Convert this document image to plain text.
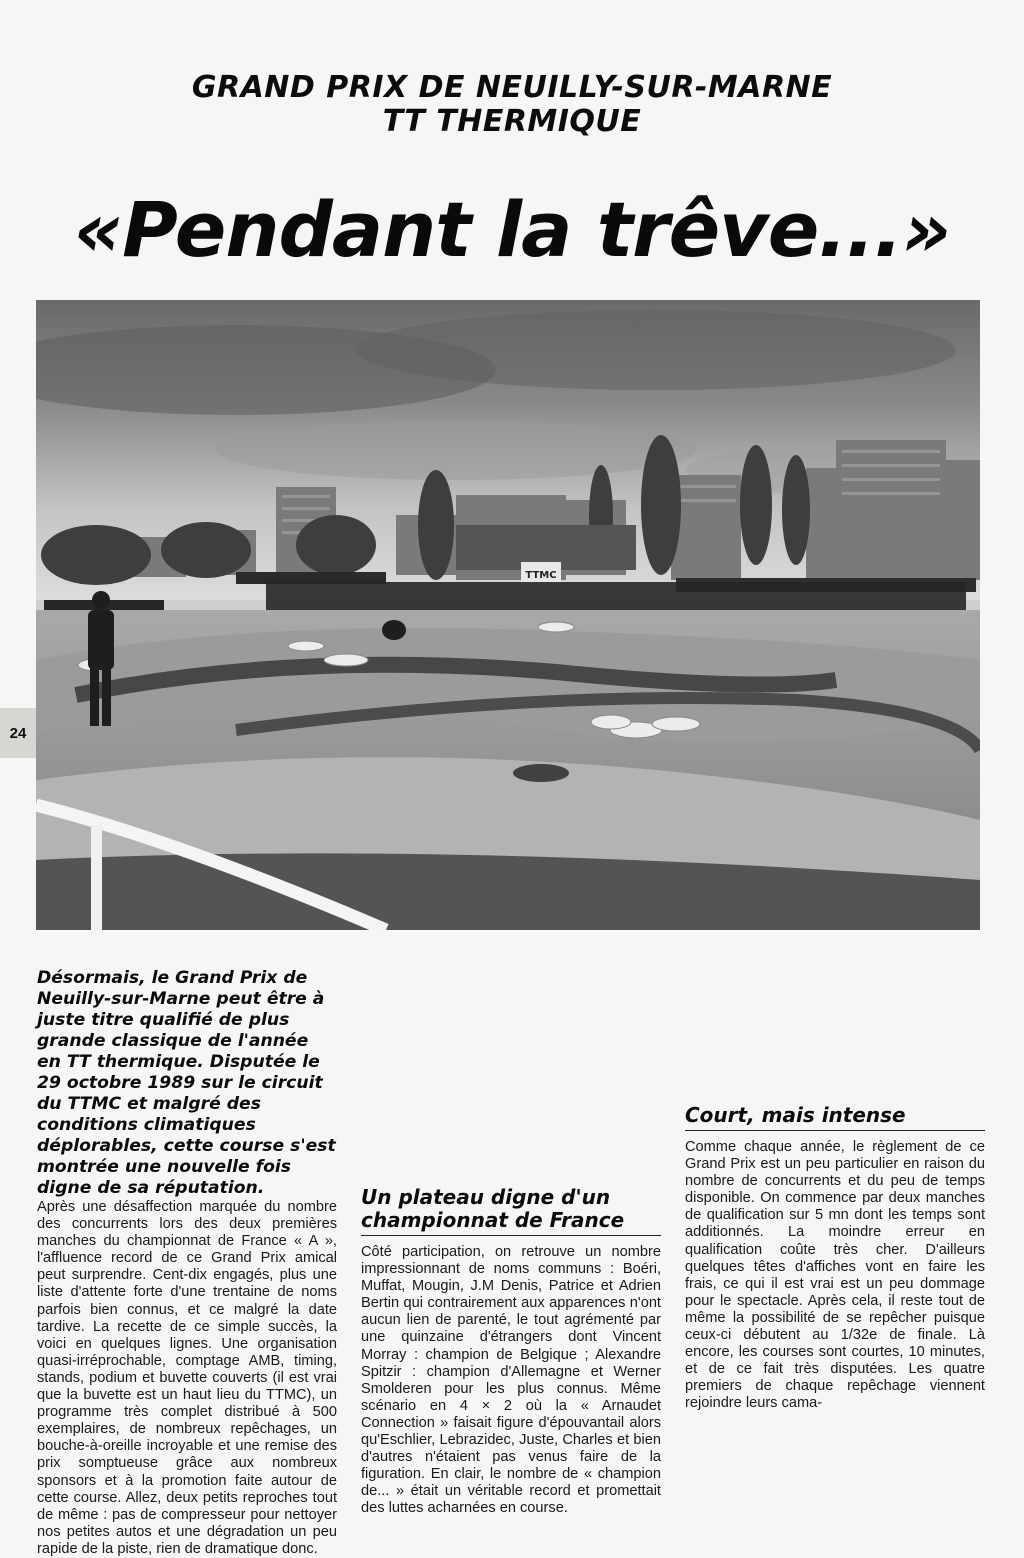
GRAND PRIX DE NEUILLY-SUR-MARNE
TT THERMIQUE
«Pendant la trêve...»
TTMC
24

Désormais, le Grand Prix de Neuilly-sur-Marne peut être à juste titre qualifié de plus grande classique de l'année en TT thermique. Disputée le 29 octobre 1989 sur le circuit du TTMC et malgré des conditions climatiques déplorables, cette course s'est montrée une nouvelle fois digne de sa réputation.

Après une désaffection marquée du nombre des concurrents lors des deux premières manches du championnat de France « A », l'affluence record de ce Grand Prix amical peut surprendre. Cent-dix engagés, plus une liste d'attente forte d'une trentaine de noms parfois bien connus, et ce malgré la date tardive. La recette de ce simple succès, la voici en quelques lignes. Une organisation quasi-irréprochable, comptage AMB, timing, stands, podium et buvette couverts (il est vrai que la buvette est un haut lieu du TTMC), un programme très complet distribué à 500 exemplaires, de nombreux repêchages, un bouche-à-oreille incroyable et une remise des prix somptueuse grâce aux nombreux sponsors et à la promotion faite autour de cette course. Allez, deux petits reproches tout de même : pas de compresseur pour nettoyer nos petites autos et une dégradation un peu rapide de la piste, rien de dramatique donc.

Un plateau digne d'un championnat de France

Côté participation, on retrouve un nombre impressionnant de noms communs : Boéri, Muffat, Mougin, J.M Denis, Patrice et Adrien Bertin qui contrairement aux apparences n'ont aucun lien de parenté, le tout agrémenté par une quinzaine d'étrangers dont Vincent Morray : champion de Belgique ; Alexandre Spitzir : champion d'Allemagne et Werner Smolderen pour les plus connus. Même scénario en 4 × 2 où la « Arnaudet Connection » faisait figure d'épouvantail alors qu'Eschlier, Lebrazidec, Juste, Charles et bien d'autres n'étaient pas venus faire de la figuration. En clair, le nombre de « champion de... » était un véritable record et promettait des luttes acharnées en course.

Court, mais intense

Comme chaque année, le règlement de ce Grand Prix est un peu particulier en raison du nombre de concurrents et du peu de temps disponible. On commence par deux manches de qualification sur 5 mn dont les temps sont additionnés. La moindre erreur en qualification coûte très cher. D'ailleurs quelques têtes d'affiches vont en faire les frais, ce qui il est vrai est un peu dommage pour le spectacle. Après cela, il reste tout de même la possibilité de se repêcher puisque ceux-ci débutent au 1/32e de finale. Là encore, les courses sont courtes, 10 minutes, et de ce fait très disputées. Les quatre premiers de chaque repêchage viennent rejoindre leurs cama-
